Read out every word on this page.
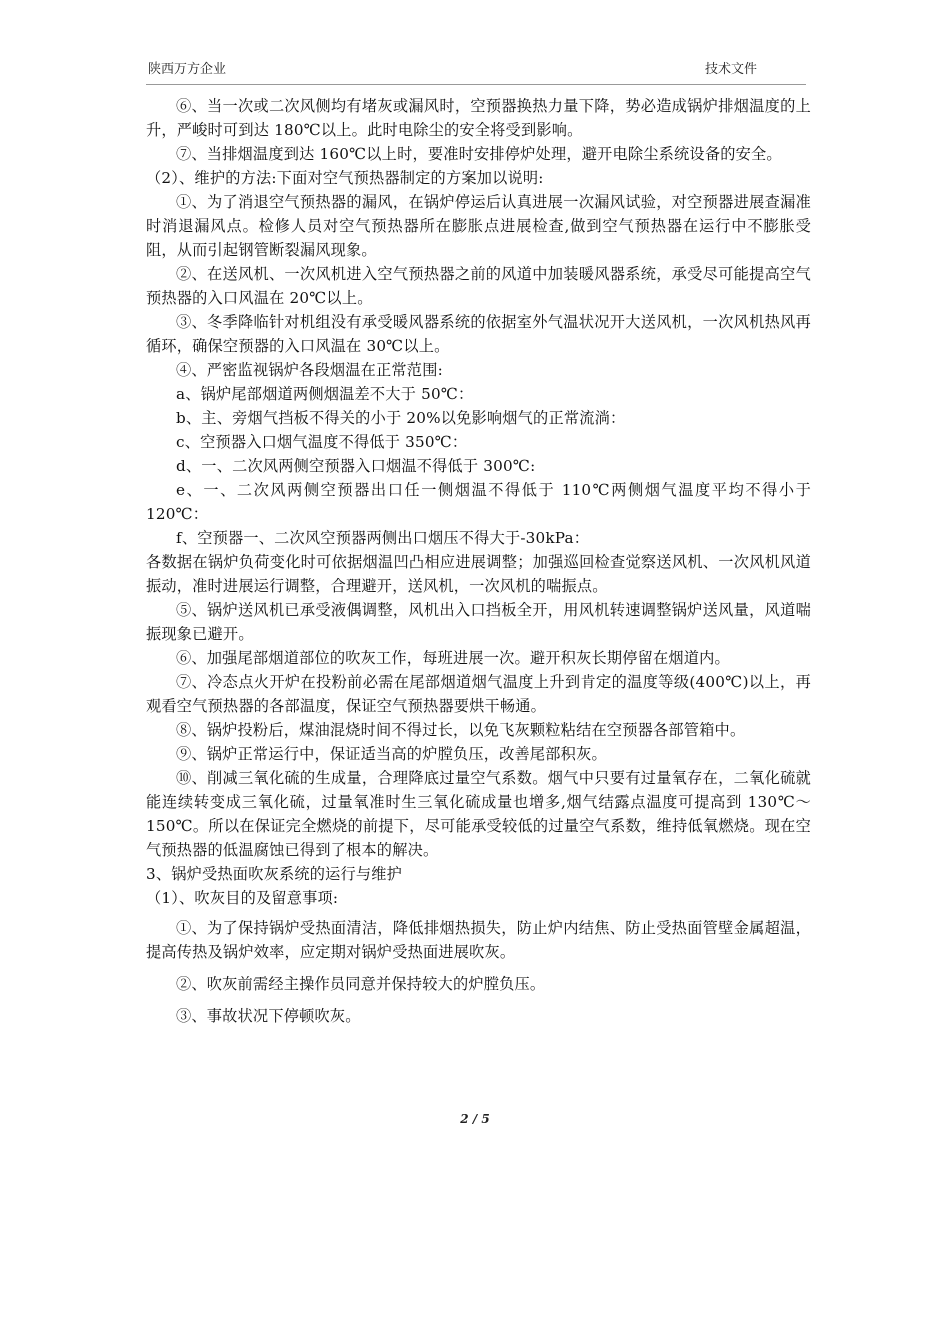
陕西万方企业	技术文件

⑥、当一次或二次风侧均有堵灰或漏风时，空预器换热力量下降，势必造成锅炉排烟温度的上升，严峻时可到达 180℃以上。此时电除尘的安全将受到影响。

⑦、当排烟温度到达 160℃以上时，要准时安排停炉处理，避开电除尘系统设备的安全。

（2）、维护的方法:下面对空气预热器制定的方案加以说明:

①、为了消退空气预热器的漏风，在锅炉停运后认真进展一次漏风试验，对空预器进展查漏准时消退漏风点。检修人员对空气预热器所在膨胀点进展检查,做到空气预热器在运行中不膨胀受阻，从而引起钢管断裂漏风现象。

②、在送风机、一次风机进入空气预热器之前的风道中加装暖风器系统，承受尽可能提高空气预热器的入口风温在 20℃以上。

③、冬季降临针对机组没有承受暖风器系统的依据室外气温状况开大送风机，一次风机热风再循环，确保空预器的入口风温在 30℃以上。

④、严密监视锅炉各段烟温在正常范围:

a、锅炉尾部烟道两侧烟温差不大于 50℃：

b、主、旁烟气挡板不得关的小于 20%以免影响烟气的正常流淌：

c、空预器入口烟气温度不得低于 350℃：

d、一、二次风两侧空预器入口烟温不得低于 300℃:

e、一、二次风两侧空预器出口任一侧烟温不得低于 110℃两侧烟气温度平均不得小于 120℃：

f、空预器一、二次风空预器两侧出口烟压不得大于-30kPa：

各数据在锅炉负荷变化时可依据烟温凹凸相应进展调整；加强巡回检查觉察送风机、一次风机风道振动，准时进展运行调整，合理避开，送风机，一次风机的喘振点。

⑤、锅炉送风机已承受液偶调整，风机出入口挡板全开，用风机转速调整锅炉送风量，风道喘振现象已避开。

⑥、加强尾部烟道部位的吹灰工作，每班进展一次。避开积灰长期停留在烟道内。

⑦、冷态点火开炉在投粉前必需在尾部烟道烟气温度上升到肯定的温度等级(400℃)以上，再观看空气预热器的各部温度，保证空气预热器要烘干畅通。

⑧、锅炉投粉后，煤油混烧时间不得过长，以免飞灰颗粒粘结在空预器各部管箱中。

⑨、锅炉正常运行中，保证适当高的炉膛负压，改善尾部积灰。

⑩、削减三氧化硫的生成量，合理降底过量空气系数。烟气中只要有过量氧存在，二氧化硫就能连续转变成三氧化硫，过量氧准时生三氧化硫成量也增多,烟气结露点温度可提高到 130℃～150℃。所以在保证完全燃烧的前提下，尽可能承受较低的过量空气系数，维持低氧燃烧。现在空气预热器的低温腐蚀已得到了根本的解决。

3、锅炉受热面吹灰系统的运行与维护

（1）、吹灰目的及留意事项:

①、为了保持锅炉受热面清洁，降低排烟热损失，防止炉内结焦、防止受热面管壁金属超温，提高传热及锅炉效率，应定期对锅炉受热面进展吹灰。

②、吹灰前需经主操作员同意并保持较大的炉膛负压。

③、事故状况下停顿吹灰。

2 / 5
